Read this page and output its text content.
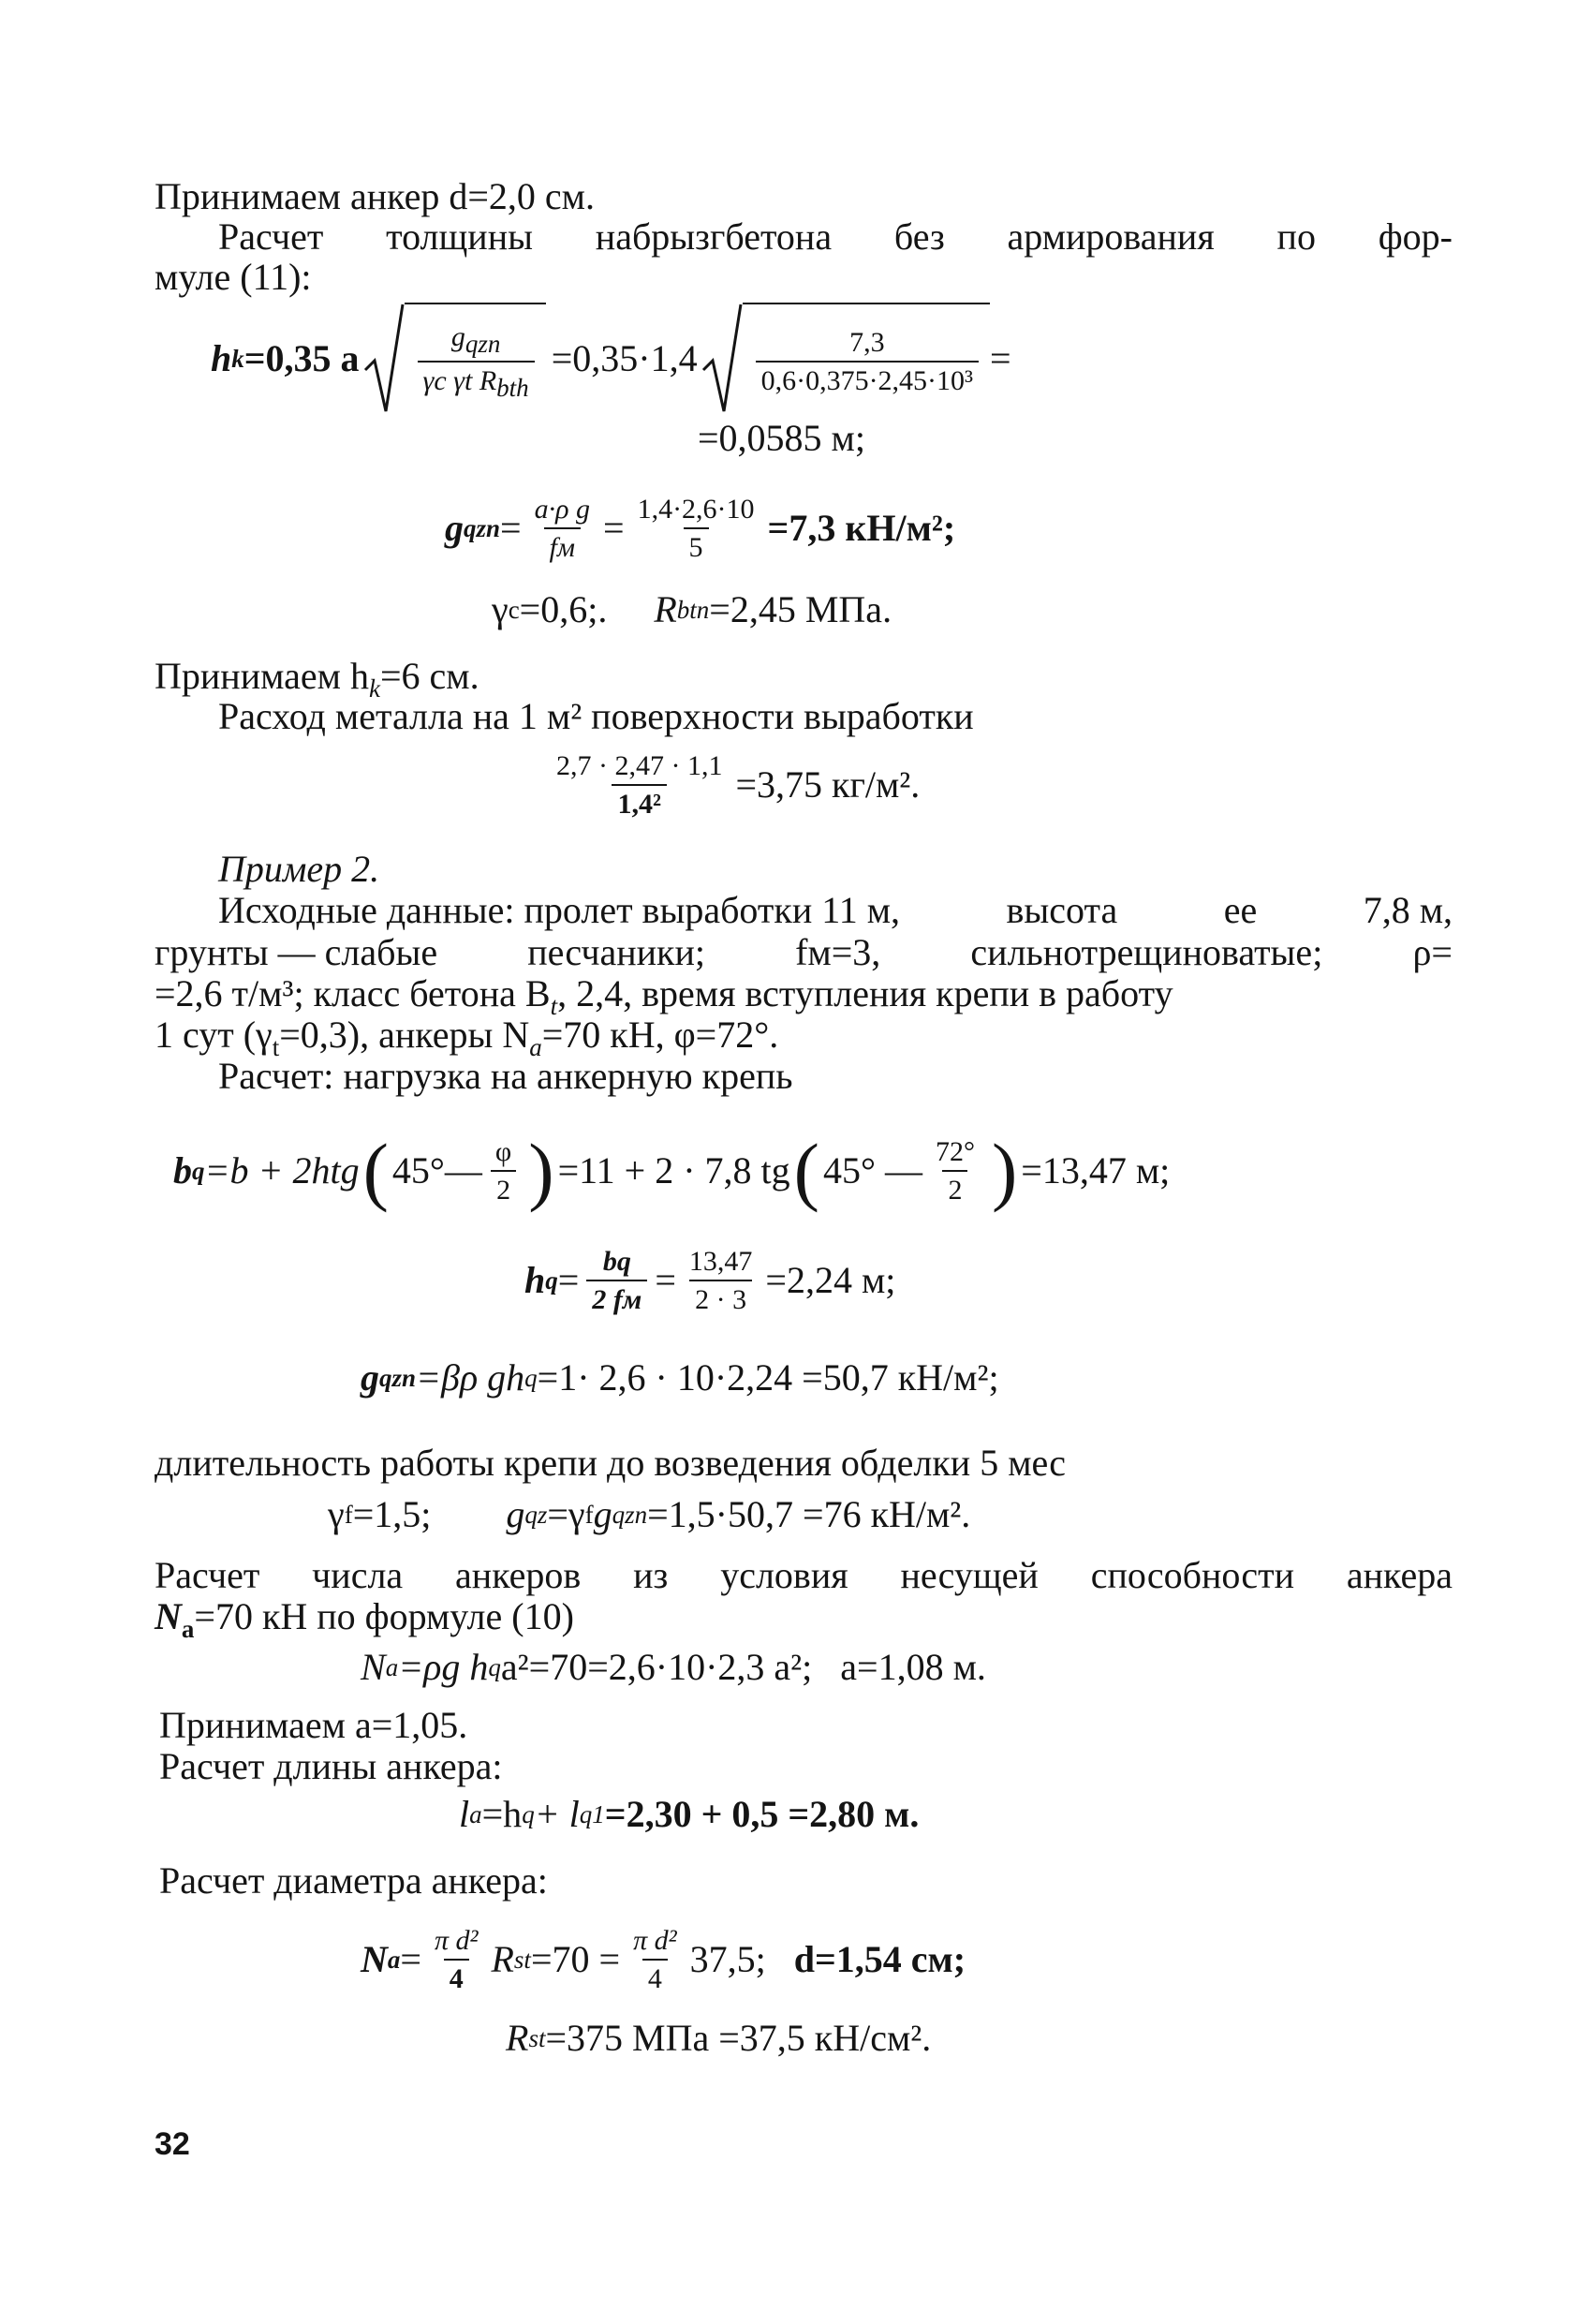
Принимаем анкер d=2,0 см.
Расчет толщины набрызгбетона без армирования по фор-
муле (11):
h k =0,35 a $\frac{g_{qzn}}{\gamma c \gamma t R_{bth}} =0,35\cdot 1,4 \frac{7,3}{\text{0,6·0,375·2,45·10³}}$ =
=0,0585 м;
g qzn = $\frac{\text{a·ρ g}}{fм} = \frac{1,4\cdot 2,6\cdot 10}{5} =7,3$ кН/м²;
γ c =0,6;. R btn =2,45 МПа.
Принимаем $h_k=6$ см.
Расход металла на 1 м² поверхности выработки
$\frac{2,7 \cdot 2,47 \cdot 1,1}{\text{1,4²}} =3,75$ кг/м².
Пример 2.
Исходные данные: пролет выработки 11 м,	высота	ее	7,8 м,
грунты — слабые песчаники; fм=3, сильнотрещиноватые; ρ=
=2,6 т/м³; класс бетона $B_t$, 2,4, время вступления крепи в работу
1 сут $(\gamma_t=0,3)$, анкеры $N_a=70$ кН, φ=72°.
Расчет: нагрузка на анкерную крепь
b q =b + 2htg ( 45°— $\frac{\varphi}{2}$ ) =11 + 2 · 7,8 tg ( 45° — $\frac{72^\circ}{2}$ ) =13,47 м;
h $q = \frac{bq}{2 fм} = \frac{13,47}{2 \cdot 3} =2,24$ м;
g qzn =βρ gh q =1· 2,6 · 10·2,24 =50,7 кН/м²;
длительность работы крепи до возведения обделки 5 мес
γ f =1,5; g qz =γ f g qzn =1,5·50,7 =76 кН/м².
Расчет числа анкеров из условия несущей способности анкера
$N_a=70$ кН по формуле (10)
N a =ρg h q a²=70=2,6·10·2,3 a²; a=1,08 м.
Принимаем a=1,05.
Расчет длины анкера:
l a =h q + l q1 =2,30 + 0,5 =2,80 м.
Расчет диаметра анкера:
N $a = \frac{\text{π d²}}{4}$ R st $=70 = \frac{\text{π d²}}{4} 37,5$; d=1,54 см;
R st =375 МПа =37,5 кН/см².
32
